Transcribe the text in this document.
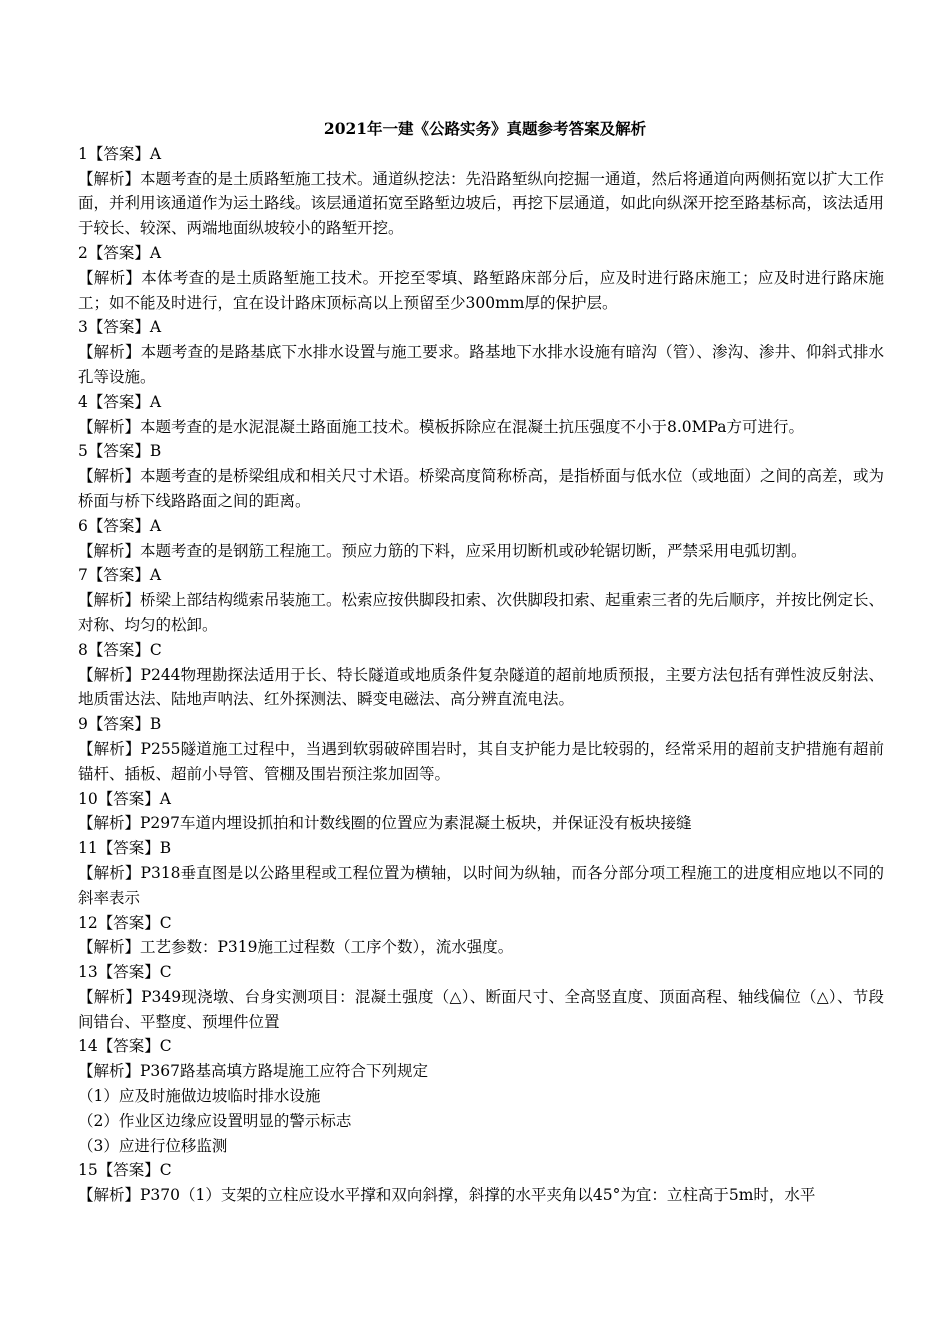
2021年一建《公路实务》真题参考答案及解析

1【答案】A

【解析】本题考查的是土质路堑施工技术。通道纵挖法：先沿路堑纵向挖掘一通道，然后将通道向两侧拓宽以扩大工作面，并利用该通道作为运土路线。该层通道拓宽至路堑边坡后，再挖下层通道，如此向纵深开挖至路基标高，该法适用于较长、较深、两端地面纵坡较小的路堑开挖。

2【答案】A

【解析】本体考查的是土质路堑施工技术。开挖至零填、路堑路床部分后，应及时进行路床施工；应及时进行路床施工；如不能及时进行，宜在设计路床顶标高以上预留至少300mm厚的保护层。

3【答案】A

【解析】本题考查的是路基底下水排水设置与施工要求。路基地下水排水设施有暗沟（管）、渗沟、渗井、仰斜式排水孔等设施。

4【答案】A

【解析】本题考查的是水泥混凝土路面施工技术。模板拆除应在混凝土抗压强度不小于8.0MPa方可进行。

5【答案】B

【解析】本题考查的是桥梁组成和相关尺寸术语。桥梁高度简称桥高，是指桥面与低水位（或地面）之间的高差，或为桥面与桥下线路路面之间的距离。

6【答案】A

【解析】本题考查的是钢筋工程施工。预应力筋的下料，应采用切断机或砂轮锯切断，严禁采用电弧切割。

7【答案】A

【解析】桥梁上部结构缆索吊装施工。松索应按供脚段扣索、次供脚段扣索、起重索三者的先后顺序，并按比例定长、对称、均匀的松卸。

8【答案】C

【解析】P244物理勘探法适用于长、特长隧道或地质条件复杂隧道的超前地质预报，主要方法包括有弹性波反射法、地质雷达法、陆地声呐法、红外探测法、瞬变电磁法、高分辨直流电法。

9【答案】B

【解析】P255隧道施工过程中，当遇到软弱破碎围岩时，其自支护能力是比较弱的，经常采用的超前支护措施有超前锚杆、插板、超前小导管、管棚及围岩预注浆加固等。

10【答案】A

【解析】P297车道内埋设抓拍和计数线圈的位置应为素混凝土板块，并保证没有板块接缝

11【答案】B

【解析】P318垂直图是以公路里程或工程位置为横轴，以时间为纵轴，而各分部分项工程施工的进度相应地以不同的斜率表示

12【答案】C

【解析】工艺参数：P319施工过程数（工序个数），流水强度。

13【答案】C

【解析】P349现浇墩、台身实测项目：混凝土强度（△）、断面尺寸、全高竖直度、顶面高程、轴线偏位（△）、节段间错台、平整度、预埋件位置

14【答案】C

【解析】P367路基高填方路堤施工应符合下列规定

（1）应及时施做边坡临时排水设施

（2）作业区边缘应设置明显的警示标志

（3）应进行位移监测

15【答案】C

【解析】P370（1）支架的立柱应设水平撑和双向斜撑，斜撑的水平夹角以45°为宜：立柱高于5m时，水平
